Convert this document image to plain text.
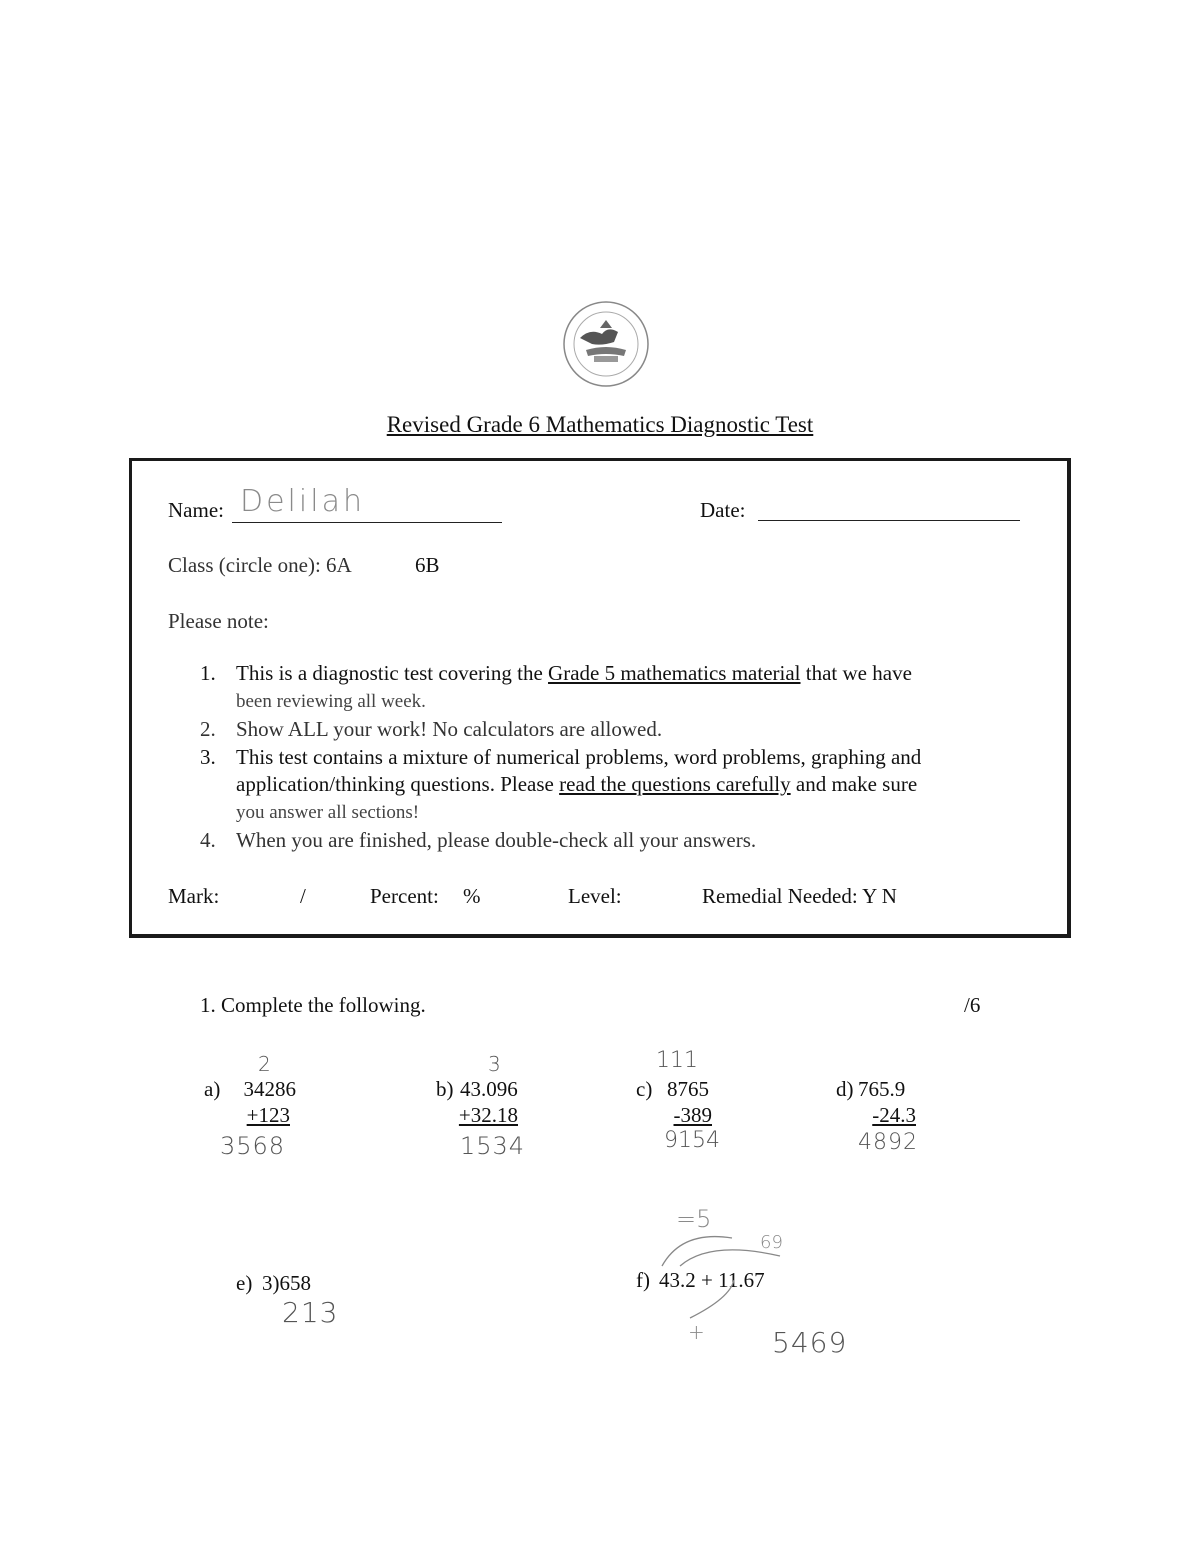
Revised Grade 6 Mathematics Diagnostic Test
Name: Delilah	Date:
Class (circle one): 6A	6B
Please note:
1. This is a diagnostic test covering the Grade 5 mathematics material that we have
been reviewing all week.
2. Show ALL your work! No calculators are allowed.
3. This test contains a mixture of numerical problems, word problems, graphing and
application/thinking questions. Please read the questions carefully and make sure
you answer all sections!
4. When you are finished, please double-check all your answers.
Mark:	/	Percent: %	Level:	Remedial Needed: Y N
1. Complete the following.	/6
a)
2
34286
+123
3568
b)
3
43.096
+32.18
1534
c)
111
8765
-389
9154
d) 765.9
-24.3
4892
e) 3)658
213
f) 43.2 + 11.67
=5
69
+ 5469
